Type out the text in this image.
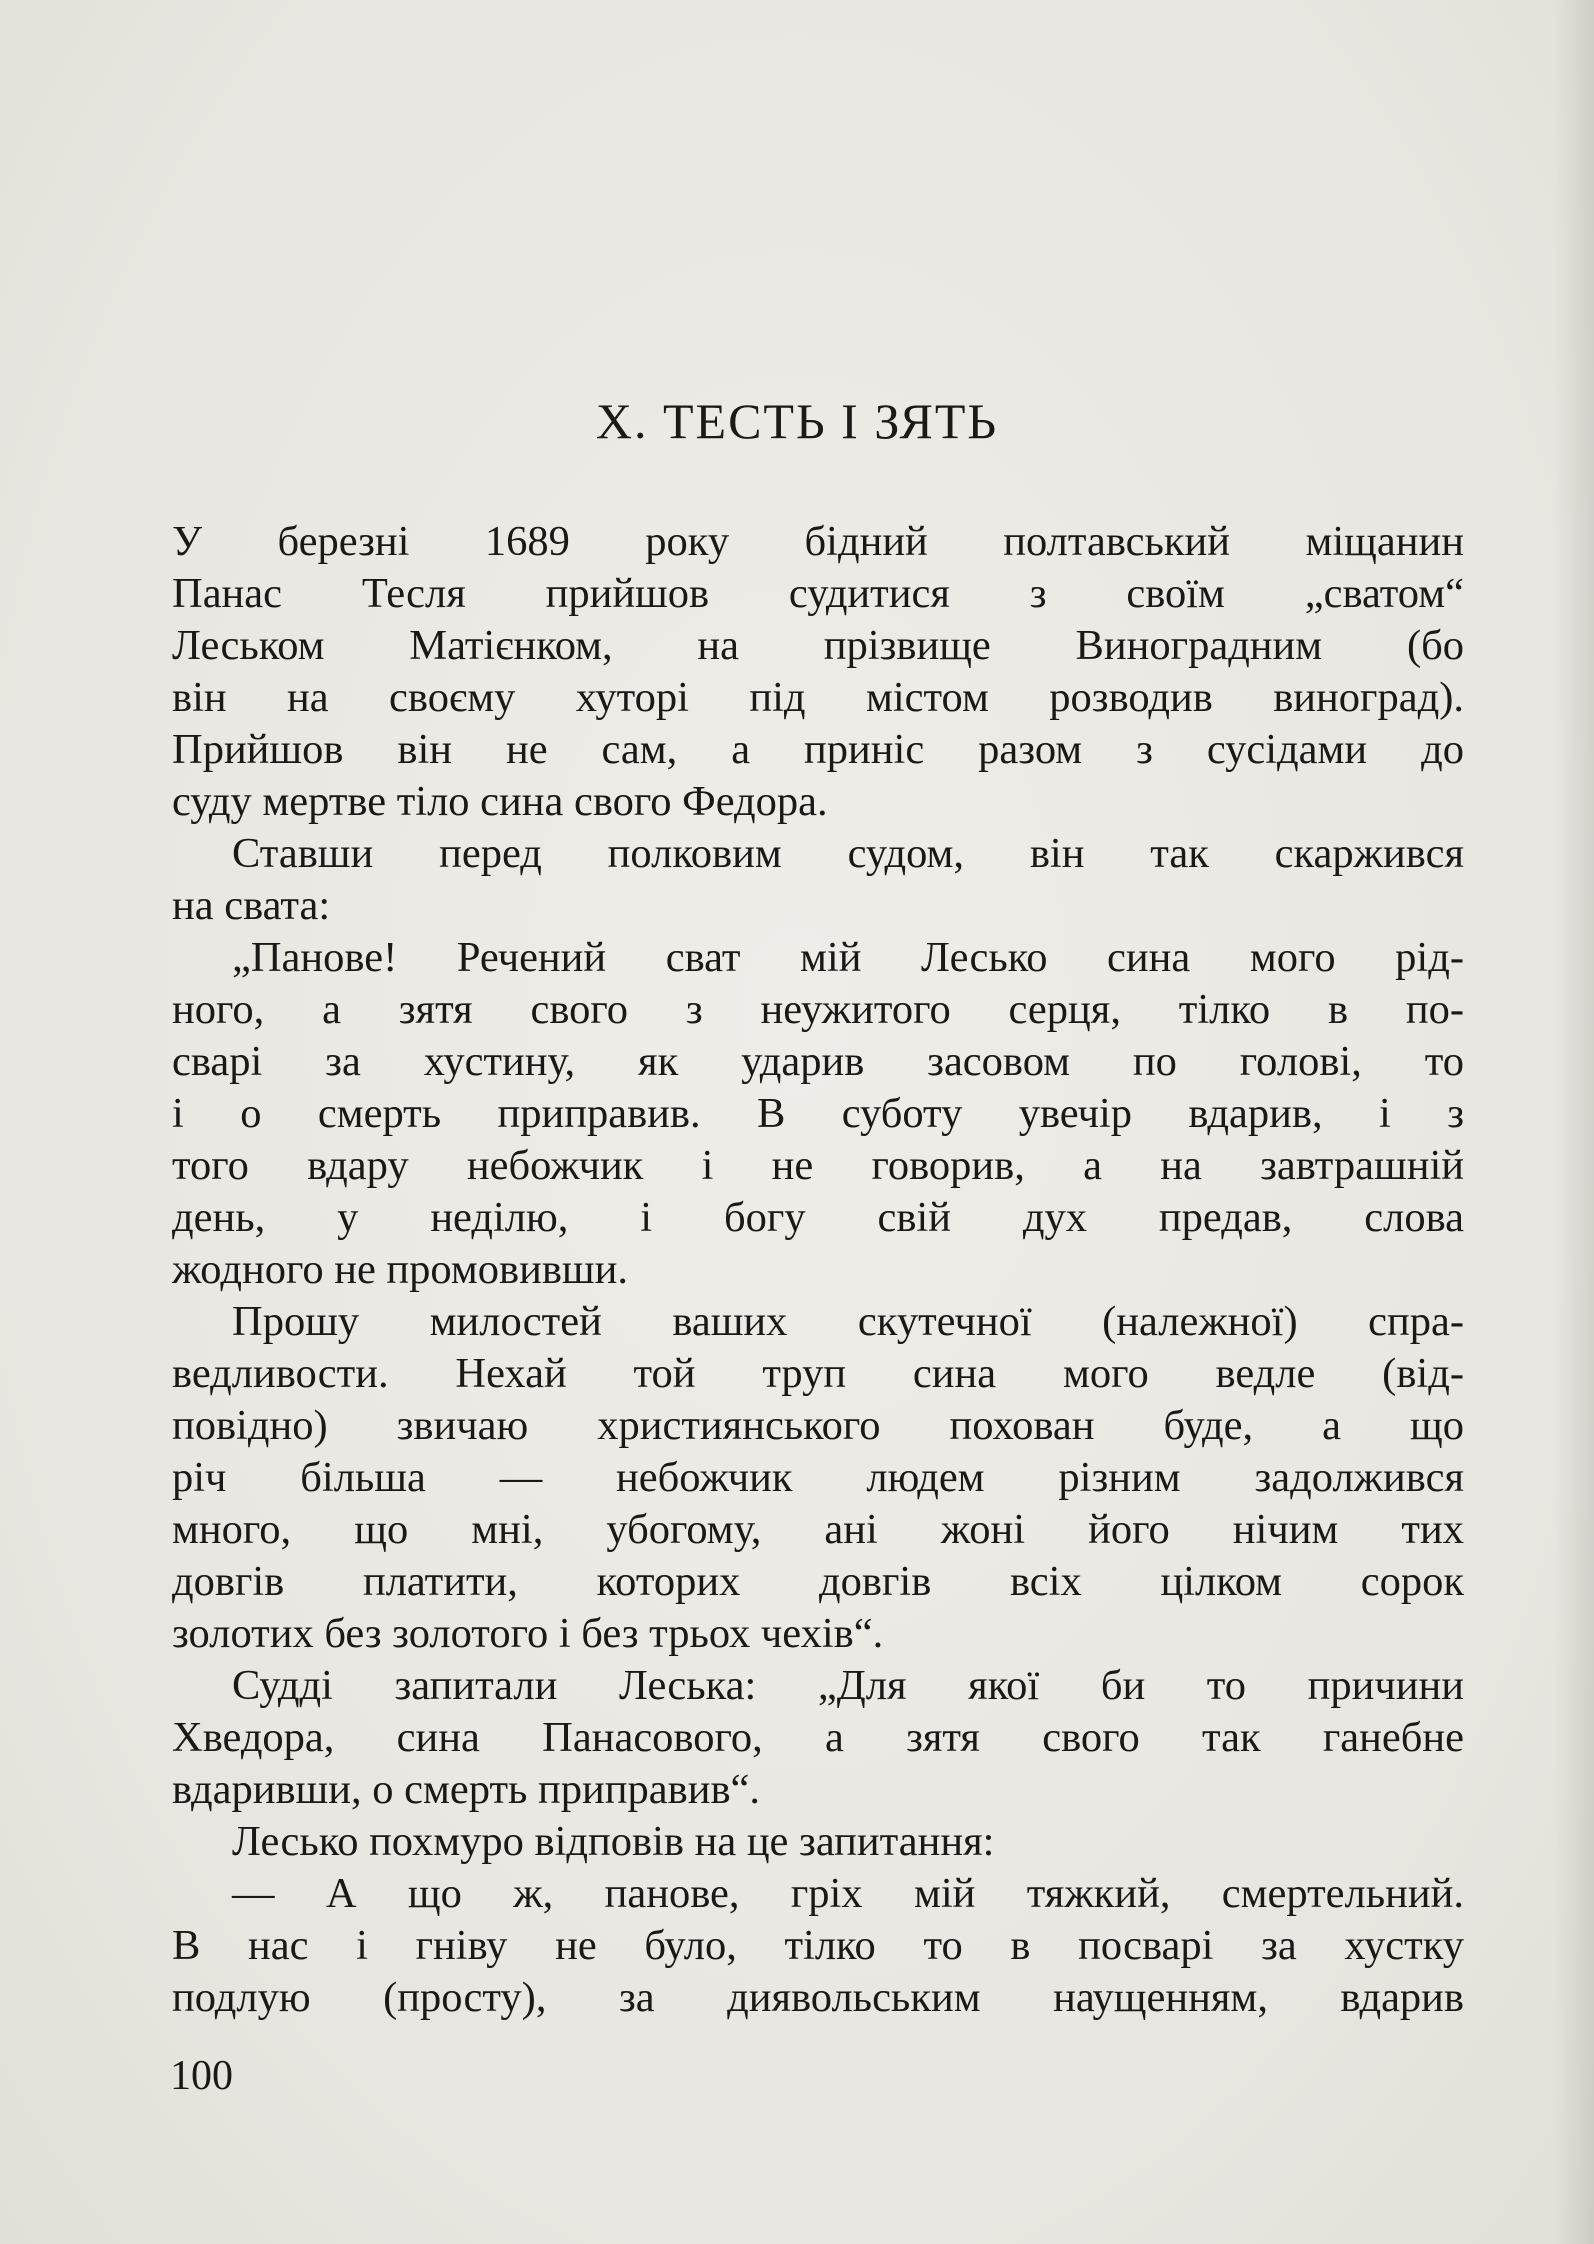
X. ТЕСТЬ І ЗЯТЬ
У березні 1689 року бідний полтавський міщанин
Панас Тесля прийшов судитися з своїм „сватом“
Леськом Матієнком, на прізвище Виноградним (бо
він на своєму хуторі під містом розводив виноград).
Прийшов він не сам, а приніс разом з сусідами до
суду мертве тіло сина свого Федора.
Ставши перед полковим судом, він так скаржився
на свата:
„Панове! Речений сват мій Лесько сина мого рід-
ного, а зятя свого з неужитого серця, тілко в по-
сварі за хустину, як ударив засовом по голові, то
і о смерть приправив. В суботу увечір вдарив, і з
того вдару небожчик і не говорив, а на завтрашній
день, у неділю, і богу свій дух предав, слова
жодного не промовивши.
Прошу милостей ваших скутечної (належної) спра-
ведливости. Нехай той труп сина мого ведле (від-
повідно) звичаю християнського похован буде, а що
річ більша — небожчик людем різним задолжився
много, що мні, убогому, ані жоні його нічим тих
довгів платити, которих довгів всіх цілком сорок
золотих без золотого і без трьох чехів“.
Судді запитали Леська: „Для якої би то причини
Хведора, сина Панасового, а зятя свого так ганебне
вдаривши, о смерть приправив“.
Лесько похмуро відповів на це запитання:
— А що ж, панове, гріх мій тяжкий, смертельний.
В нас і гніву не було, тілко то в посварі за хустку
подлую (просту), за диявольським наущенням, вдарив
100
